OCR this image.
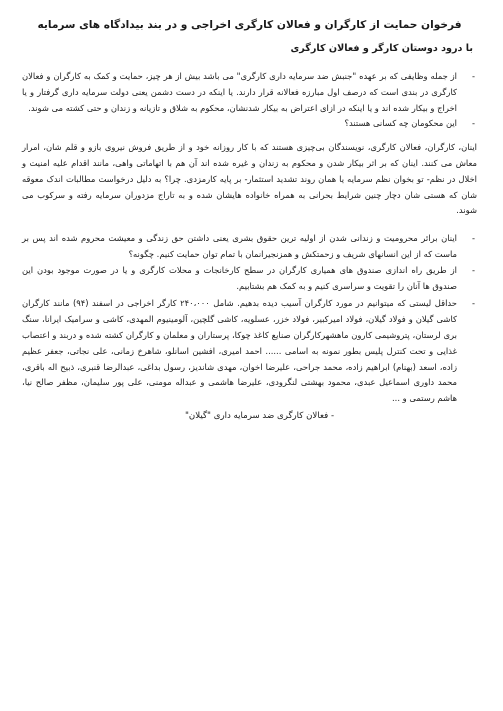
فرخوان حمایت از کارگران و فعالان کارگری اخراجی و در بند بیدادگاه های سرمایه
با درود دوستان کارگر و فعالان کارگری
-
از جمله وظایفی که بر عهده "جنبش ضد سرمایه داری کارگری" می باشد بیش از هر چیز، حمایت و کمک به کارگران و فعالان کارگری در بندی است که درصف اول مبارزه فعالانه قرار دارند. یا اینکه در دست دشمن یعنی دولت سرمایه داری گرفتار و یا اخراج و بیکار شده اند و یا اینکه در ازای اعتراض به بیکار شدنشان، محکوم به شلاق و تازیانه و زندان و حتی کشته می شوند.
-
این محکومان چه کسانی هستند؟

اینان، کارگران، فعالان کارگری، نویسندگان بی‌چیزی هستند که با کار روزانه خود و از طریق فروش نیروی بازو و قلم شان، امرار معاش می کنند. اینان که بر اثر بیکار شدن و محکوم به زندان و غیره شده اند آن هم با اتهاماتی واهی، مانند اقدام علیه امنیت و اخلال در نظم- تو بخوان نظم سرمایه یا همان روند تشدید استثمار- بر پایه کارمزدی. چرا؟ به دلیل درخواست مطالبات اندک معوقه شان که هستی شان دچار چنین شرایط بحرانی به همراه خانواده هایشان شده و به تاراج مزدوران سرمایه رفته و سرکوب می شوند.

-
اینان برائر محرومیت و زندانی شدن از اولیه ترین حقوق بشری یعنی داشتن حق زندگی و معیشت محروم شده اند پس بر ماست که از این انسانهای شریف و زحمتکش و همزنجیرانمان با تمام توان حمایت کنیم. چگونه؟
-
از طریق راه اندازی صندوق های همیاری کارگران در سطح کارخانجات و محلات کارگری و یا در صورت موجود بودن این صندوق ها آنان را تقویت و سراسری کنیم و به کمک هم بشتابیم.
-
حداقل لیستی که میتوانیم در مورد کارگران آسیب دیده بدهیم. شامل ۲۴۰،۰۰۰ کارگر اخراجی در اسفند (۹۴) مانند کارگران کاشی گیلان و فولاد گیلان، فولاد امیرکبیر، فولاد خزر، عسلویه، کاشی گلچین، آلومینیوم المهدی، کاشی و سرامیک ایرانا، سنگ بری لرستان، پتروشیمی کارون ماهشهرکارگران صنایع کاغذ چوکا، پرستاران و معلمان و کارگران کشته شده و دربند و اعتصاب غذایی و تحت کنترل پلیس بطور نمونه به اسامی ...... احمد امیری، افشین اسانلو، شاهرخ زمانی، علی نجاتی، جعفر عظیم زاده، اسعد (بهنام) ابراهیم زاده، محمد جراحی، علیرضا اخوان، مهدی شاندیز، رسول بداغی، عبدالرضا قنبری، ذبیح اله باقری، محمد داوری اسماعیل عبدی، محمود بهشتی لنگرودی، علیرضا هاشمی و عبداله مومنی، علی پور سلیمان، مظفر صالح نیا، هاشم رستمی و ...
- فعالان کارگری ضد سرمایه داری "گیلان"
